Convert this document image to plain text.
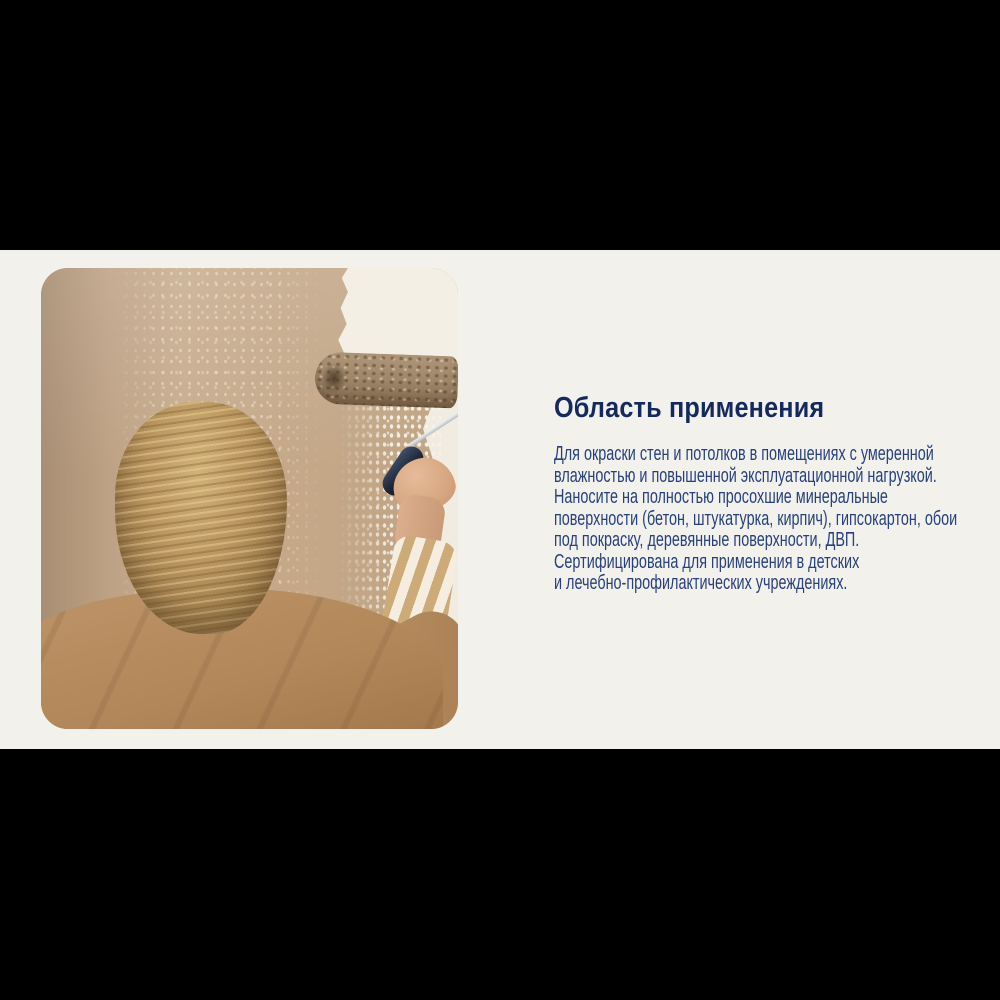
Область применения
Для окраски стен и потолков в помещениях с умеренной
влажностью и повышенной эксплуатационной нагрузкой.
Наносите на полностью просохшие минеральные
поверхности (бетон, штукатурка, кирпич), гипсокартон, обои
под покраску, деревянные поверхности, ДВП.
Сертифицирована для применения в детских
и лечебно-профилактических учреждениях.
